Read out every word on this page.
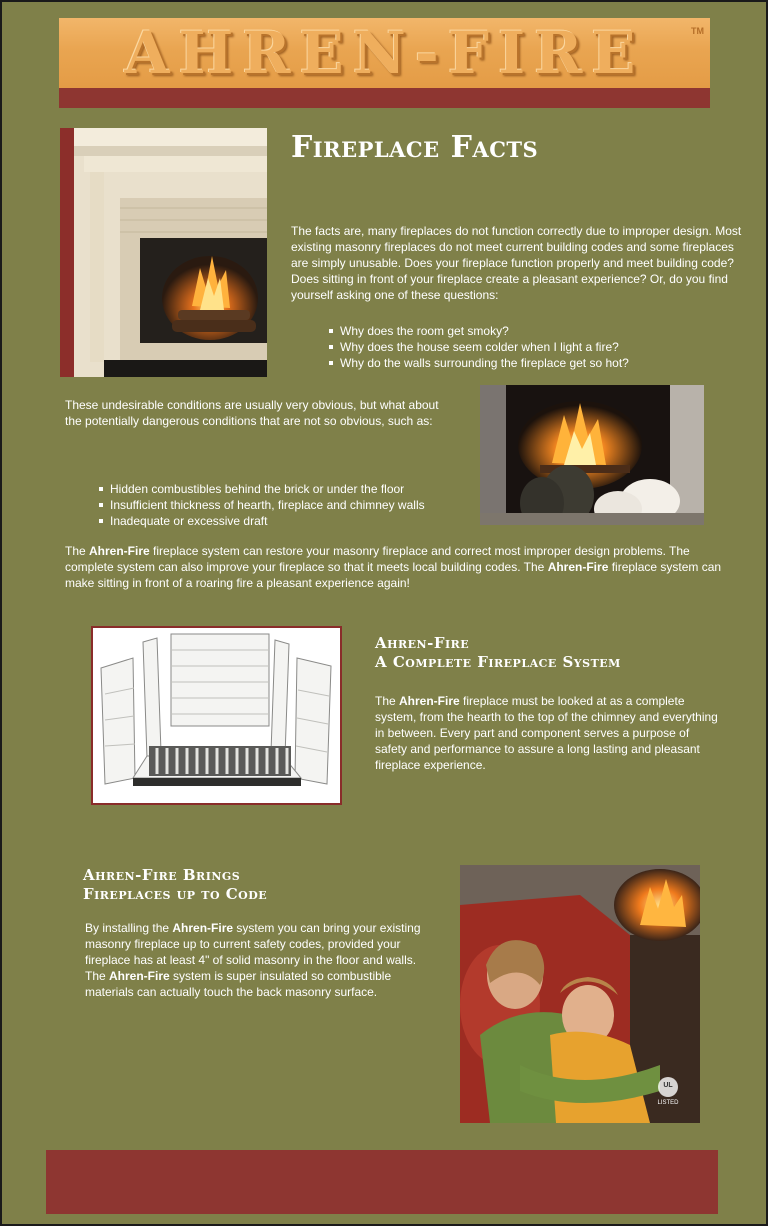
AHREN-FIRE	TM
Fireplace Facts

The facts are, many fireplaces do not function correctly due to improper design. Most existing masonry fireplaces do not meet current building codes and some fireplaces are simply unusable. Does your fireplace function properly and meet building code? Does sitting in front of your fireplace create a pleasant experience? Or, do you find yourself asking one of these questions:

Why does the room get smoky?
Why does the house seem colder when I light a fire?
Why do the walls surrounding the fireplace get so hot?

These undesirable conditions are usually very obvious, but what about the potentially dangerous conditions that are not so obvious, such as:

Hidden combustibles behind the brick or under the floor
Insufficient thickness of hearth, fireplace and chimney walls
Inadequate or excessive draft

The Ahren-Fire fireplace system can restore your masonry fireplace and correct most improper design problems. The complete system can also improve your fireplace so that it meets local building codes. The Ahren-Fire fireplace system can make sitting in front of a roaring fire a pleasant experience again!

Ahren-Fire
A Complete Fireplace System

The Ahren-Fire fireplace must be looked at as a complete system, from the hearth to the top of the chimney and everything in between. Every part and component serves a purpose of safety and performance to assure a long lasting and pleasant fireplace experience.

Ahren-Fire Brings
Fireplaces up to Code

By installing the Ahren-Fire system you can bring your existing masonry fireplace up to current safety codes, provided your fireplace has at least 4" of solid masonry in the floor and walls. The Ahren-Fire system is super insulated so combustible materials can actually touch the back masonry surface.

UL
LISTED
